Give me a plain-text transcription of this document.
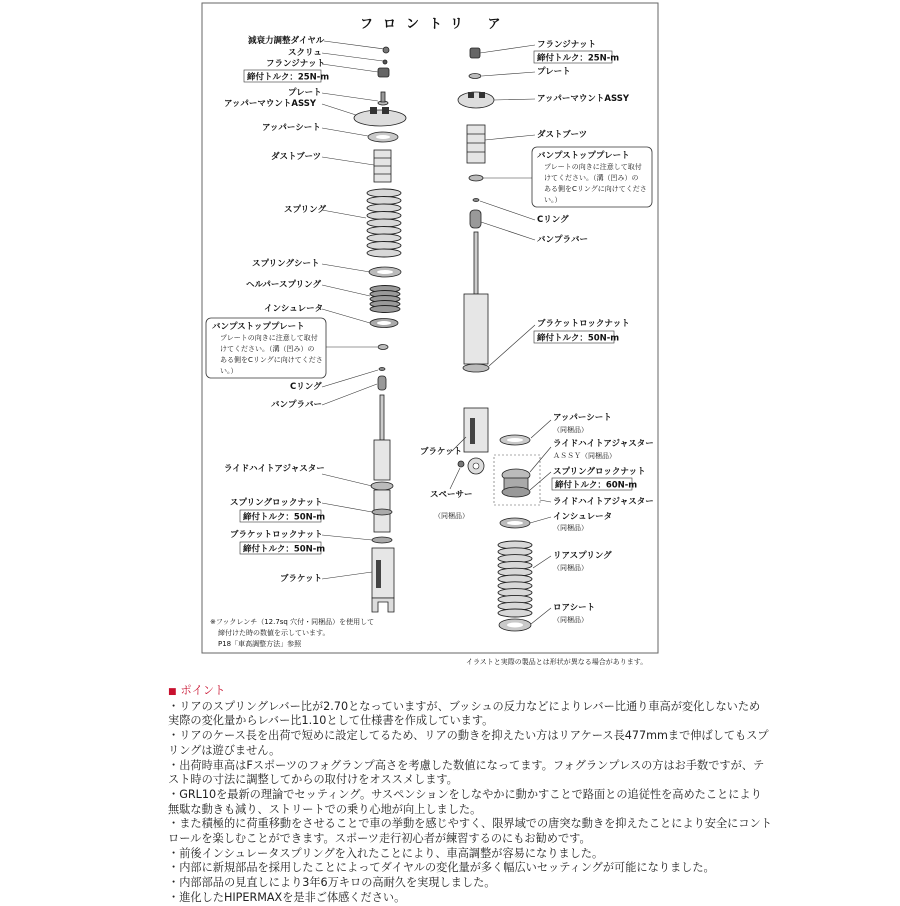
フロント
リ ア
減衰力調整ダイヤル
スクリュ
フランジナット
締付トルク：25N-m
プレート
アッパーマウントASSY
アッパーシート
ダストブーツ
スプリング
スプリングシート
ヘルパースプリング
インシュレータ
バンプストッププレート
プレートの向きに注意して取付
けてください。（溝（凹み）の
ある側をCリングに向けてくださ
い。）
Cリング
バンプラバー
ライドハイトアジャスター
スプリングロックナット
締付トルク：50N-m
ブラケットロックナット
締付トルク：50N-m
ブラケット
※フックレンチ（12.7sq 穴付・同梱品）を使用して
締付けた時の数値を示しています。
P18「車高調整方法」参照
フランジナット
締付トルク：25N-m
プレート
アッパーマウントASSY
ダストブーツ
バンプストッププレート
プレートの向きに注意して取付
けてください。（溝（凹み）の
ある側をCリングに向けてくださ
い。）
Cリング
バンプラバー
ブラケットロックナット
締付トルク：50N-m
ブラケット
スペーサー
（同梱品）
アッパーシート
（同梱品）
ライドハイトアジャスター
ＡＳＳＹ（同梱品）
スプリングロックナット
締付トルク：60N-m
ライドハイトアジャスター
インシュレータ
（同梱品）
リアスプリング
（同梱品）
ロアシート
（同梱品）
イラストと実際の製品とは形状が異なる場合があります。
■ ポイント
・リアのスプリングレバー比が2.70となっていますが、ブッシュの反力などによりレバー比通り車高が変化しないため
実際の変化量からレバー比1.10として仕様書を作成しています。
・リアのケース長を出荷で短めに設定してるため、リアの動きを抑えたい方はリアケース長477mmまで伸ばしてもスプ
リングは遊びません。
・出荷時車高はFスポーツのフォグランプ高さを考慮した数値になってます。フォグランプレスの方はお手数ですが、テ
スト時の寸法に調整してからの取付けをオススメします。
・GRL10を最新の理論でセッティング。サスペンションをしなやかに動かすことで路面との追従性を高めたことにより
無駄な動きも減り、ストリートでの乗り心地が向上しました。
・また積極的に荷重移動をさせることで車の挙動を感じやすく、限界域での唐突な動きを抑えたことにより安全にコント
ロールを楽しむことができます。スポーツ走行初心者が練習するのにもお勧めです。
・前後インシュレータスプリングを入れたことにより、車高調整が容易になりました。
・内部に新規部品を採用したことによってダイヤルの変化量が多く幅広いセッティングが可能になりました。
・内部部品の見直しにより3年6万キロの高耐久を実現しました。
・進化したHIPERMAXを是非ご体感ください。
